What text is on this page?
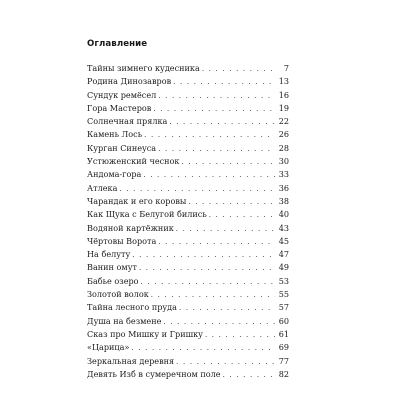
Оглавление
Тайны зимнего кудесника . . .	7
Родина Динозавров . . .	13
Сундук ремёсел . . .	16
Гора Мастеров . . .	19
Солнечная прялка . . .	22
Камень Лось . . .	26
Курган Синеуса . . .	28
Устюженский чеснок . . .	30
Андома-гора . . .	33
Атлека . . .	36
Чарандак и его коровы . . .	38
Как Щука с Белугой бились . . .	40
Водяной картёжник . . .	43
Чёртовы Ворота . . .	45
На белуту . . .	47
Ванин омут . . .	49
Бабье озеро . . .	53
Золотой волок . . .	55
Тайна лесного пруда . . .	57
Душа на безмене . . .	60
Сказ про Мишку и Гришку . . .	61
«Царица» . . .	69
Зеркальная деревня . . .	77
Девять Изб в сумеречном поле . . .	82
